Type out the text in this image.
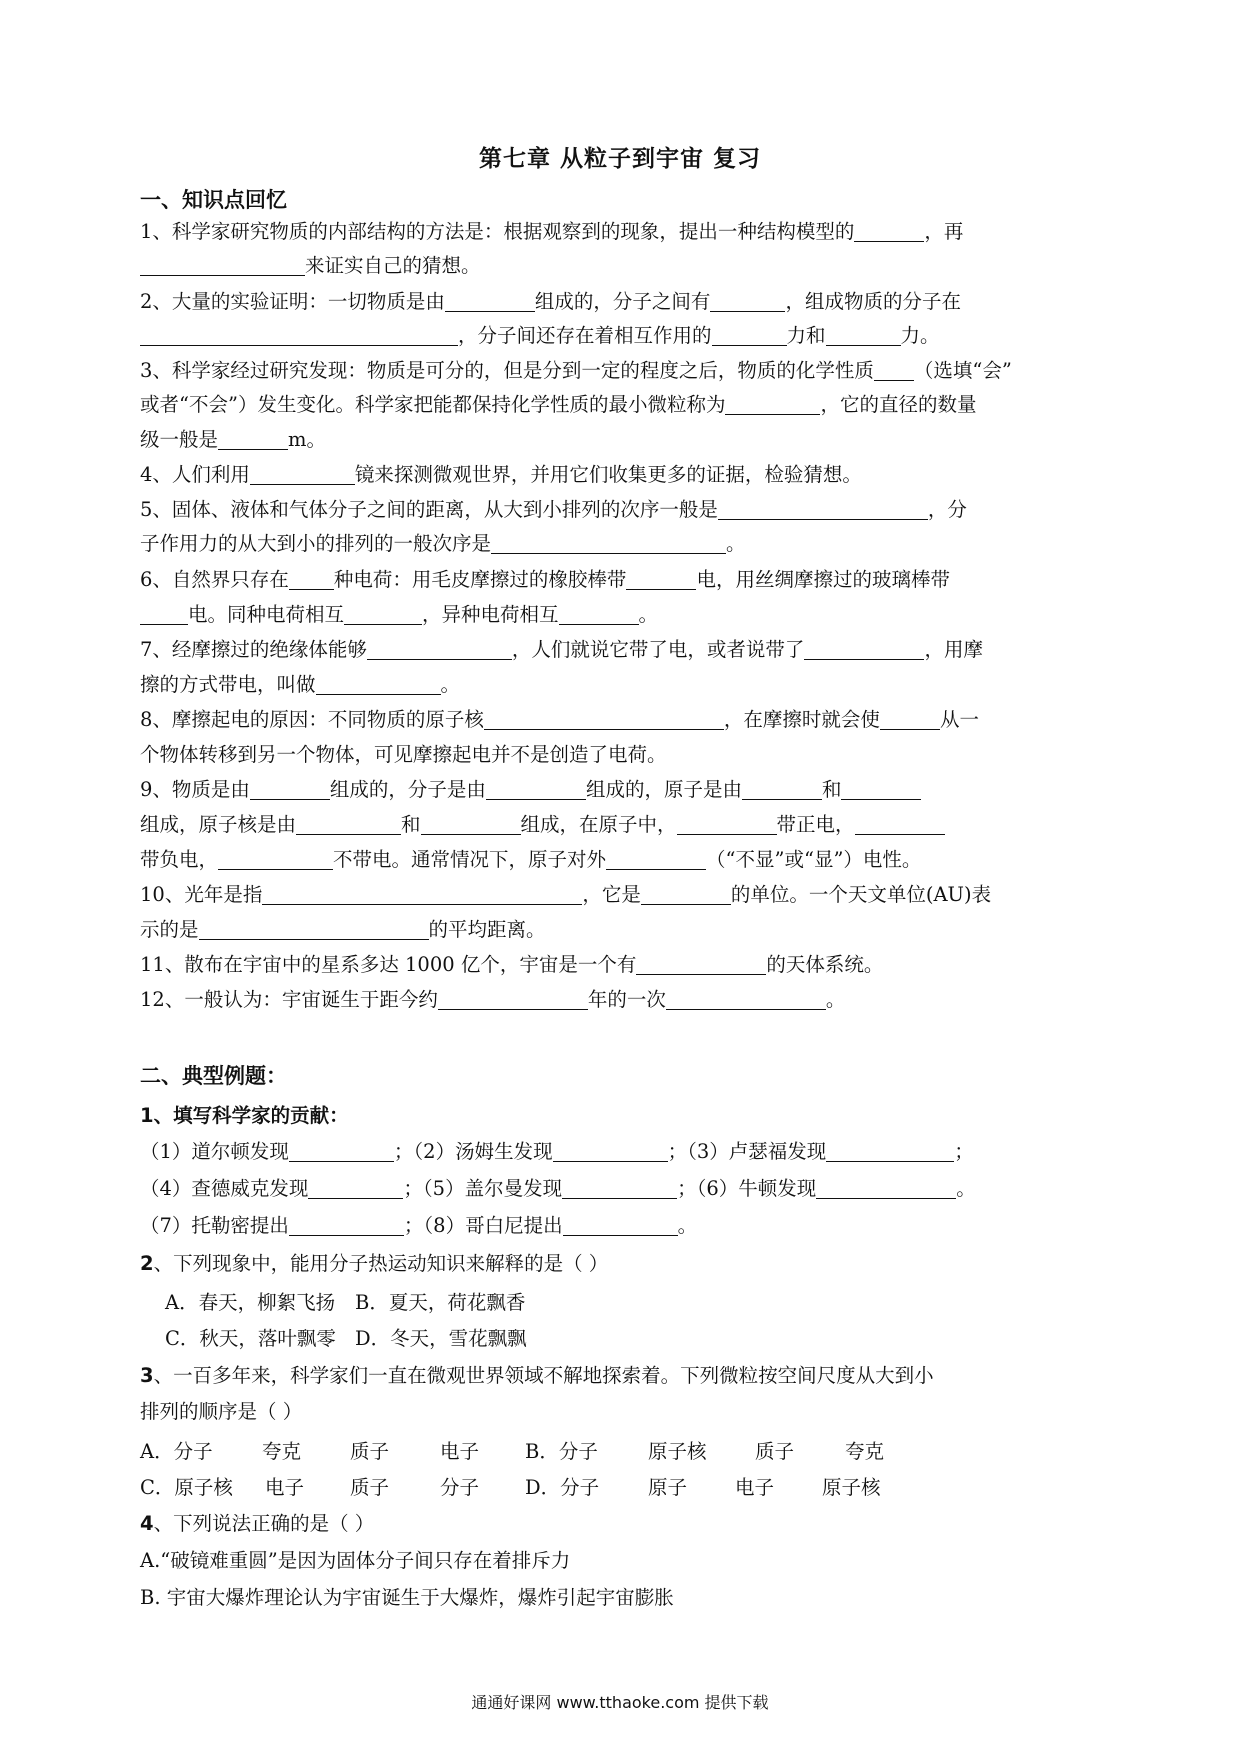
第七章 从粒子到宇宙 复习
一、知识点回忆
1、科学家研究物质的内部结构的方法是：根据观察到的现象，提出一种结构模型的	，再
来证实自己的猜想。
2、大量的实验证明：一切物质是由	组成的，分子之间有	，组成物质的分子在
，分子间还存在着相互作用的	力和	力。
3、科学家经过研究发现：物质是可分的，但是分到一定的程度之后，物质的化学性质 （选填“会”
或者“不会”）发生变化。科学家把能都保持化学性质的最小微粒称为	，它的直径的数量
级一般是	m。
4、人们利用	镜来探测微观世界，并用它们收集更多的证据，检验猜想。
5、固体、液体和气体分子之间的距离，从大到小排列的次序一般是	，分
子作用力的从大到小的排列的一般次序是	。
6、自然界只存在 种电荷：用毛皮摩擦过的橡胶棒带	电，用丝绸摩擦过的玻璃棒带
电。同种电荷相互	，异种电荷相互	。
7、经摩擦过的绝缘体能够	，人们就说它带了电，或者说带了	，用摩
擦的方式带电，叫做	。
8、摩擦起电的原因：不同物质的原子核	，在摩擦时就会使	从一
个物体转移到另一个物体，可见摩擦起电并不是创造了电荷。
9、物质是由	组成的，分子是由	组成的，原子是由	和
组成，原子核是由	和	组成，在原子中，	带正电，
带负电，	不带电。通常情况下，原子对外	（“不显”或“显”）电性。
10、光年是指	，它是	的单位。一个天文单位(AU)表
示的是	的平均距离。
11、散布在宇宙中的星系多达 1000 亿个，宇宙是一个有	的天体系统。
12、一般认为：宇宙诞生于距今约	年的一次	。
二、典型例题：
1、填写科学家的贡献：
（1）道尔顿发现	；（2）汤姆生发现	；（3）卢瑟福发现	；
（4）查德威克发现	；（5）盖尔曼发现	；（6）牛顿发现	。
（7）托勒密提出	；（8）哥白尼提出	。
2、下列现象中，能用分子热运动知识来解释的是（ ）
A．春天，柳絮飞扬 B．夏天，荷花飘香
C．秋天，落叶飘零 D．冬天，雪花飘飘
3、一百多年来，科学家们一直在微观世界领域不解地探索着。下列微粒按空间尺度从大到小
排列的顺序是（ ）
A．分子	夸克	质子	电子 B．分子	原子核 质子	夸克
C．原子核 电子 质子	分子 D．分子	原子 电子 原子核
4、下列说法正确的是（ ）
A.“破镜难重圆”是因为固体分子间只存在着排斥力
B. 宇宙大爆炸理论认为宇宙诞生于大爆炸，爆炸引起宇宙膨胀
通通好课网 www.tthaoke.com 提供下载
